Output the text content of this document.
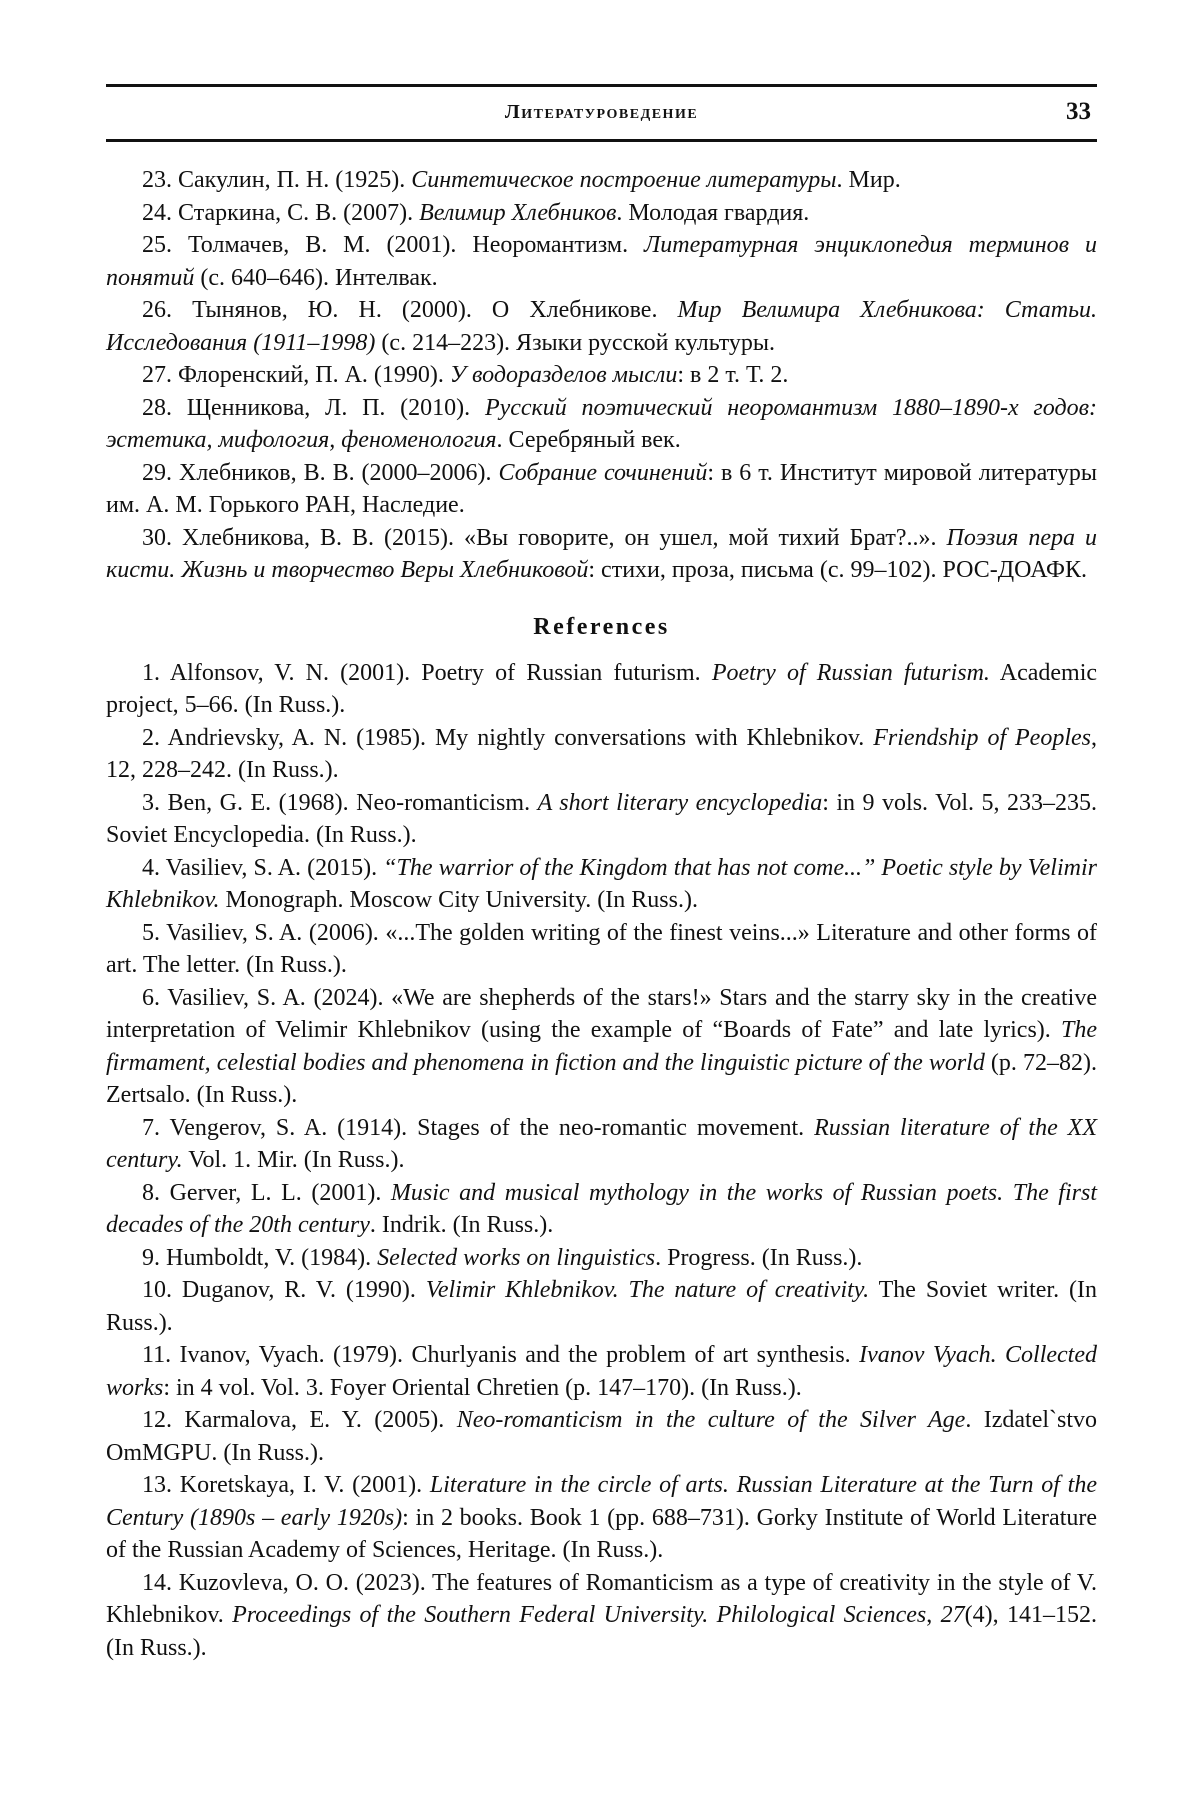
Литературоведение	33

23. Сакулин, П. Н. (1925). Синтетическое построение литературы. Мир.

24. Старкина, С. В. (2007). Велимир Хлебников. Молодая гвардия.

25. Толмачев, В. М. (2001). Неоромантизм. Литературная энциклопедия терминов и понятий (с. 640–646). Интелвак.

26. Тынянов, Ю. Н. (2000). О Хлебникове. Мир Велимира Хлебникова: Статьи. Исследования (1911–1998) (с. 214–223). Языки русской культуры.

27. Флоренский, П. А. (1990). У водоразделов мысли: в 2 т. Т. 2.

28. Щенникова, Л. П. (2010). Русский поэтический неоромантизм 1880–1890-х годов: эстетика, мифология, феноменология. Серебряный век.

29. Хлебников, В. В. (2000–2006). Собрание сочинений: в 6 т. Институт мировой литературы им. А. М. Горького РАН, Наследие.

30. Хлебникова, В. В. (2015). «Вы говорите, он ушел, мой тихий Брат?..». Поэзия пера и кисти. Жизнь и творчество Веры Хлебниковой: стихи, проза, письма (с. 99–102). РОС-ДОАФК.

References

1. Alfonsov, V. N. (2001). Poetry of Russian futurism. Poetry of Russian futurism. Academic project, 5–66. (In Russ.).

2. Andrievsky, A. N. (1985). My nightly conversations with Khlebnikov. Friendship of Peoples, 12, 228–242. (In Russ.).

3. Ben, G. E. (1968). Neo-romanticism. A short literary encyclopedia: in 9 vols. Vol. 5, 233–235. Soviet Encyclopedia. (In Russ.).

4. Vasiliev, S. A. (2015). “The warrior of the Kingdom that has not come...” Poetic style by Velimir Khlebnikov. Monograph. Moscow City University. (In Russ.).

5. Vasiliev, S. A. (2006). «...The golden writing of the finest veins...» Literature and other forms of art. The letter. (In Russ.).

6. Vasiliev, S. A. (2024). «We are shepherds of the stars!» Stars and the starry sky in the creative interpretation of Velimir Khlebnikov (using the example of “Boards of Fate” and late lyrics). The firmament, celestial bodies and phenomena in fiction and the linguistic picture of the world (p. 72–82). Zertsalo. (In Russ.).

7. Vengerov, S. A. (1914). Stages of the neo-romantic movement. Russian literature of the XX century. Vol. 1. Mir. (In Russ.).

8. Gerver, L. L. (2001). Music and musical mythology in the works of Russian poets. The first decades of the 20th century. Indrik. (In Russ.).

9. Humboldt, V. (1984). Selected works on linguistics. Progress. (In Russ.).

10. Duganov, R. V. (1990). Velimir Khlebnikov. The nature of creativity. The Soviet writer. (In Russ.).

11. Ivanov, Vyach. (1979). Churlyanis and the problem of art synthesis. Ivanov Vyach. Collected works: in 4 vol. Vol. 3. Foyer Oriental Chretien (p. 147–170). (In Russ.).

12. Karmalova, E. Y. (2005). Neo-romanticism in the culture of the Silver Age. Izdatel`stvo OmMGPU. (In Russ.).

13. Koretskaya, I. V. (2001). Literature in the circle of arts. Russian Literature at the Turn of the Century (1890s – early 1920s): in 2 books. Book 1 (pp. 688–731). Gorky Institute of World Literature of the Russian Academy of Sciences, Heritage. (In Russ.).

14. Kuzovleva, O. O. (2023). The features of Romanticism as a type of creativity in the style of V. Khlebnikov. Proceedings of the Southern Federal University. Philological Sciences, 27(4), 141–152. (In Russ.).
